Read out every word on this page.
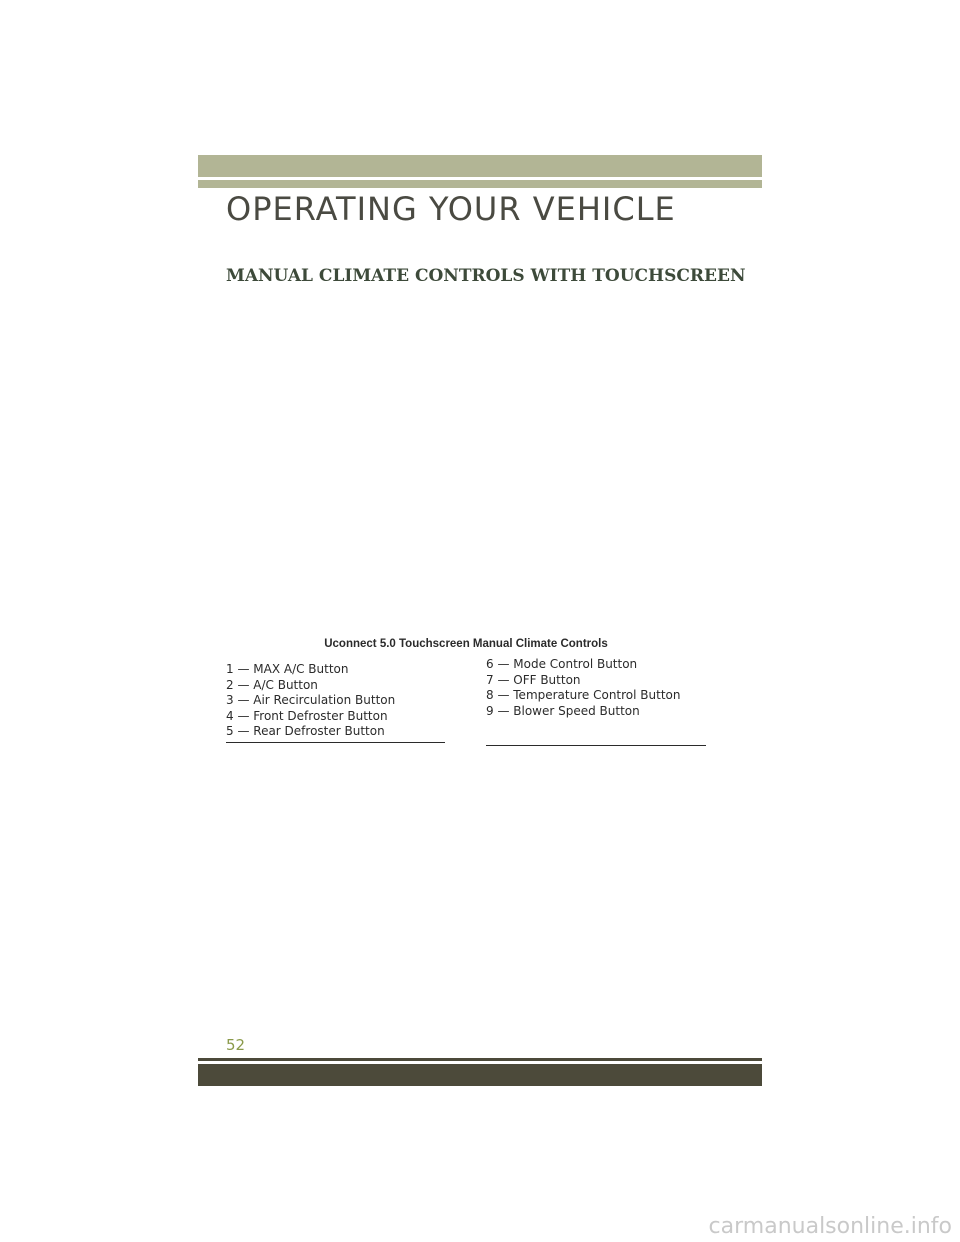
OPERATING YOUR VEHICLE
MANUAL CLIMATE CONTROLS WITH TOUCHSCREEN
Uconnect 5.0 Touchscreen Manual Climate Controls
1 — MAX A/C Button
2 — A/C Button
3 — Air Recirculation Button
4 — Front Defroster Button
5 — Rear Defroster Button
6 — Mode Control Button
7 — OFF Button
8 — Temperature Control Button
9 — Blower Speed Button
52
carmanualsonline.info
